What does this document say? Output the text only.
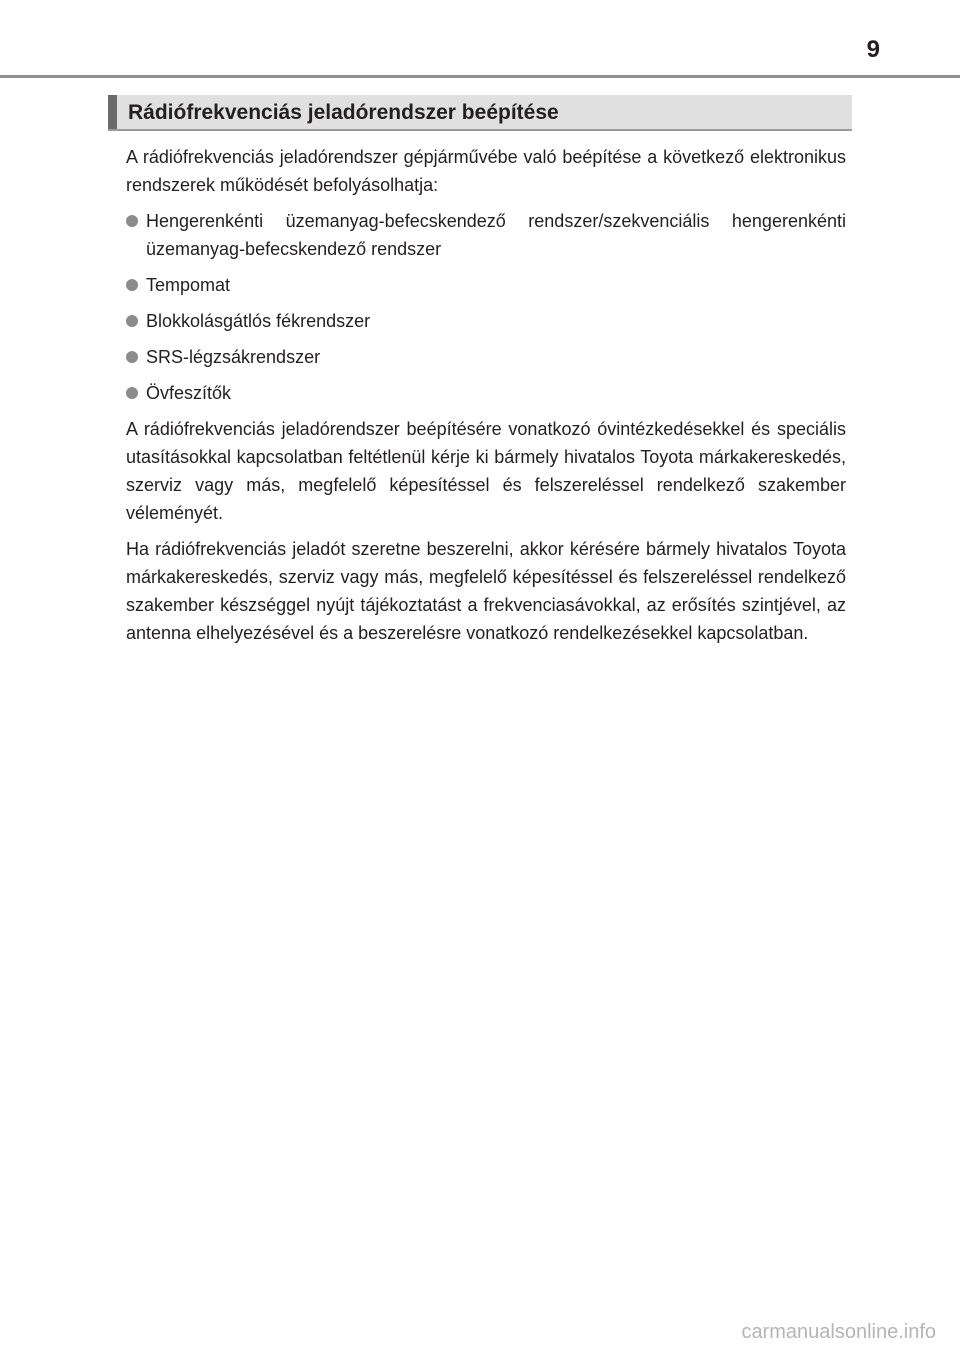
9
Rádiófrekvenciás jeladórendszer beépítése

A rádiófrekvenciás jeladórendszer gépjárművébe való beépítése a következő elektronikus rendszerek működését befolyásolhatja:

Hengerenkénti üzemanyag-befecskendező rendszer/szekvenciális hengerenkénti üzemanyag-befecskendező rendszer
Tempomat
Blokkolásgátlós fékrendszer
SRS-légzsákrendszer
Övfeszítők

A rádiófrekvenciás jeladórendszer beépítésére vonatkozó óvintézkedésekkel és speciális utasításokkal kapcsolatban feltétlenül kérje ki bármely hivatalos Toyota márkakereskedés, szerviz vagy más, megfelelő képesítéssel és felszereléssel rendelkező szakember véleményét.

Ha rádiófrekvenciás jeladót szeretne beszerelni, akkor kérésére bármely hivatalos Toyota márkakereskedés, szerviz vagy más, megfelelő képesítéssel és felszereléssel rendelkező szakember készséggel nyújt tájékoztatást a frekvenciasávokkal, az erősítés szintjével, az antenna elhelyezésével és a beszerelésre vonatkozó rendelkezésekkel kapcsolatban.

carmanualsonline.info
